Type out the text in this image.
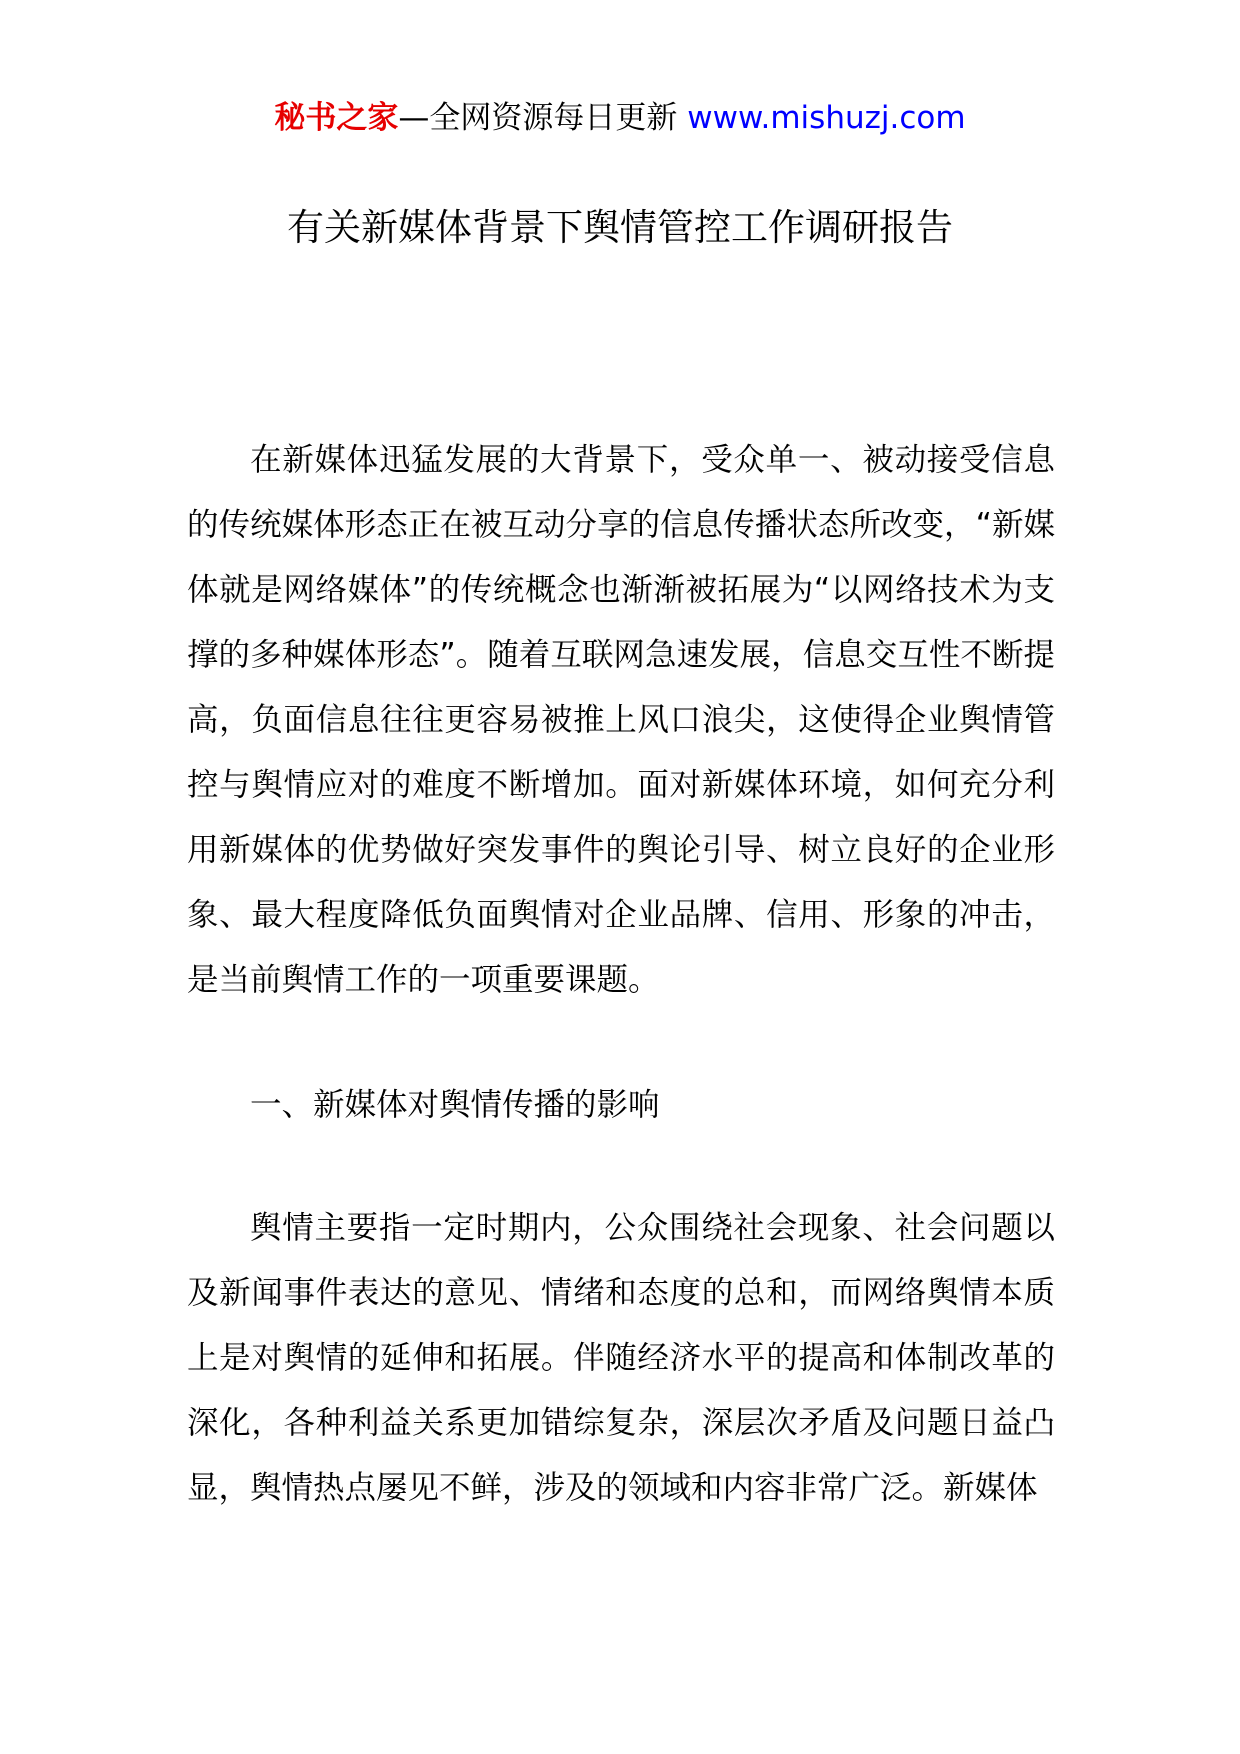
秘书之家—全网资源每日更新 www.mishuzj.com
有关新媒体背景下舆情管控工作调研报告

在新媒体迅猛发展的大背景下，受众单一、被动接受信息的传统媒体形态正在被互动分享的信息传播状态所改变，“新媒体就是网络媒体”的传统概念也渐渐被拓展为“以网络技术为支撑的多种媒体形态”。随着互联网急速发展，信息交互性不断提高，负面信息往往更容易被推上风口浪尖，这使得企业舆情管控与舆情应对的难度不断增加。面对新媒体环境，如何充分利用新媒体的优势做好突发事件的舆论引导、树立良好的企业形象、最大程度降低负面舆情对企业品牌、信用、形象的冲击，是当前舆情工作的一项重要课题。

一、新媒体对舆情传播的影响

舆情主要指一定时期内，公众围绕社会现象、社会问题以及新闻事件表达的意见、情绪和态度的总和，而网络舆情本质上是对舆情的延伸和拓展。伴随经济水平的提高和体制改革的深化，各种利益关系更加错综复杂，深层次矛盾及问题日益凸显，舆情热点屡见不鲜，涉及的领域和内容非常广泛。新媒体
